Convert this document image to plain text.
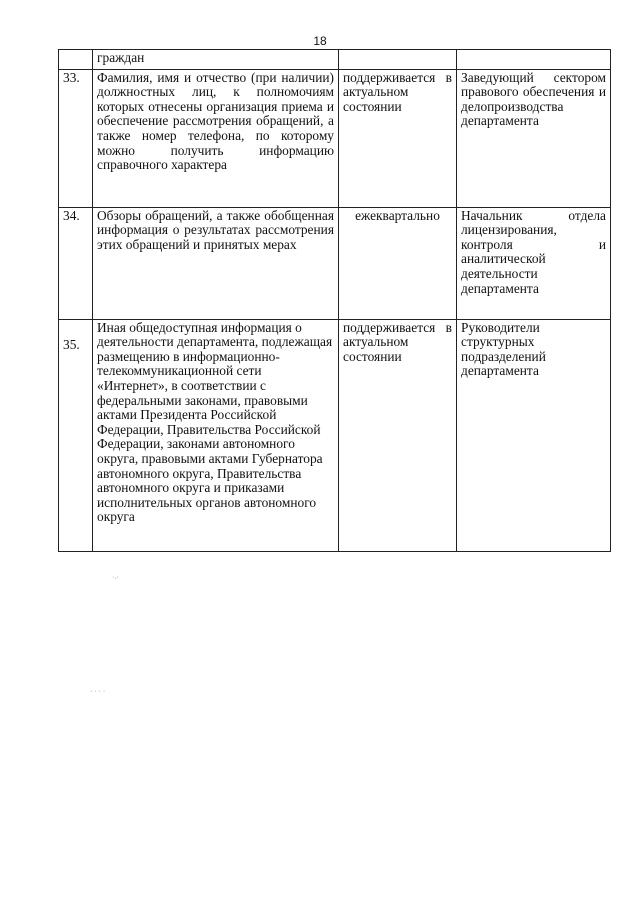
18
	граждан		
33.	Фамилия, имя и отчество (при наличии) должностных лиц, к полномочиям которых отнесены организация приема и обеспечение рассмотрения обращений, а также номер телефона, по которому можно получить информацию справочного характера	поддерживается в актуальном состоянии	Заведующий сектором правового обеспечения и делопроизводства департамента
34.	Обзоры обращений, а также обобщенная информация о результатах рассмотрения этих обращений и принятых мерах	ежеквартально	Начальник отдела лицензирования, контроля и аналитической деятельности департамента
35.	Иная общедоступная информация о деятельности департамента, подлежащая размещению в информационно-телекоммуникационной сети «Интернет», в соответствии с федеральными законами, правовыми актами Президента Российской Федерации, Правительства Российской Федерации, законами автономного округа, правовыми актами Губернатора автономного округа, Правительства автономного округа и приказами исполнительных органов автономного округа	поддерживается в актуальном состоянии	Руководители структурных подразделений департамента
·.·
· · · ·
